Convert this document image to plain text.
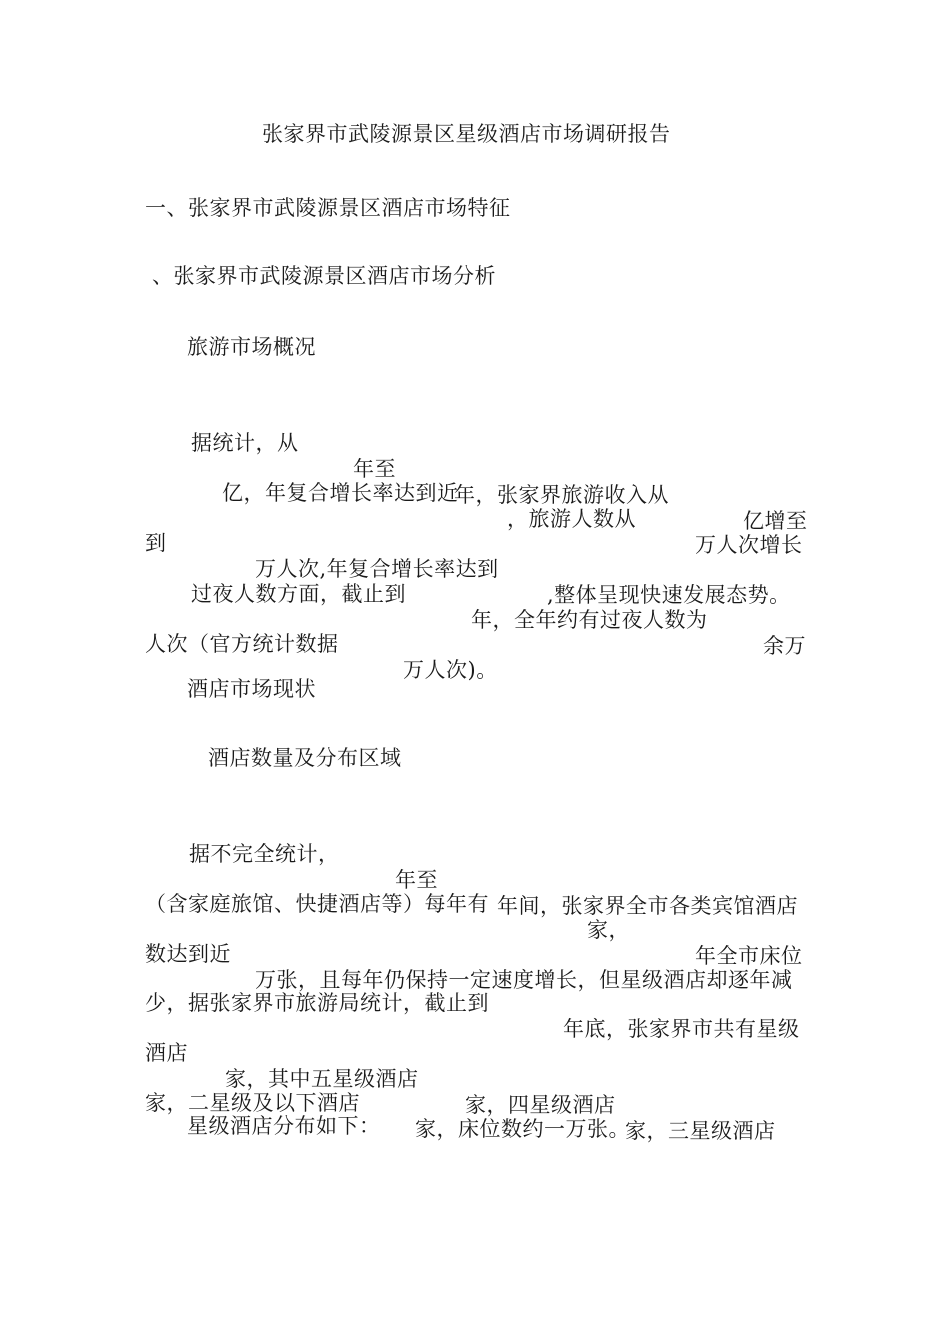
张家界市武陵源景区星级酒店市场调研报告
一、张家界市武陵源景区酒店市场特征
、张家界市武陵源景区酒店市场分析
旅游市场概况

据统计，从

年至

年，张家界旅游收入从

亿增至

亿，年复合增长率达到近

，旅游人数从

万人次增长

到

万人次,年复合增长率达到

,整体呈现快速发展态势。

过夜人数方面，截止到

年，全年约有过夜人数为

余万

人次（官方统计数据

万人次)。

酒店市场现状
酒店数量及分布区域

据不完全统计，

年至

年间，张家界全市各类宾馆酒店

（含家庭旅馆、快捷酒店等）每年有

家，

年全市床位

数达到近

万张，且每年仍保持一定速度增长，但星级酒店却逐年减

少，据张家界市旅游局统计，截止到

年底，张家界市共有星级

酒店

家，其中五星级酒店

家，四星级酒店

家，三星级酒店

家，二星级及以下酒店

家，床位数约一万张。

星级酒店分布如下：
